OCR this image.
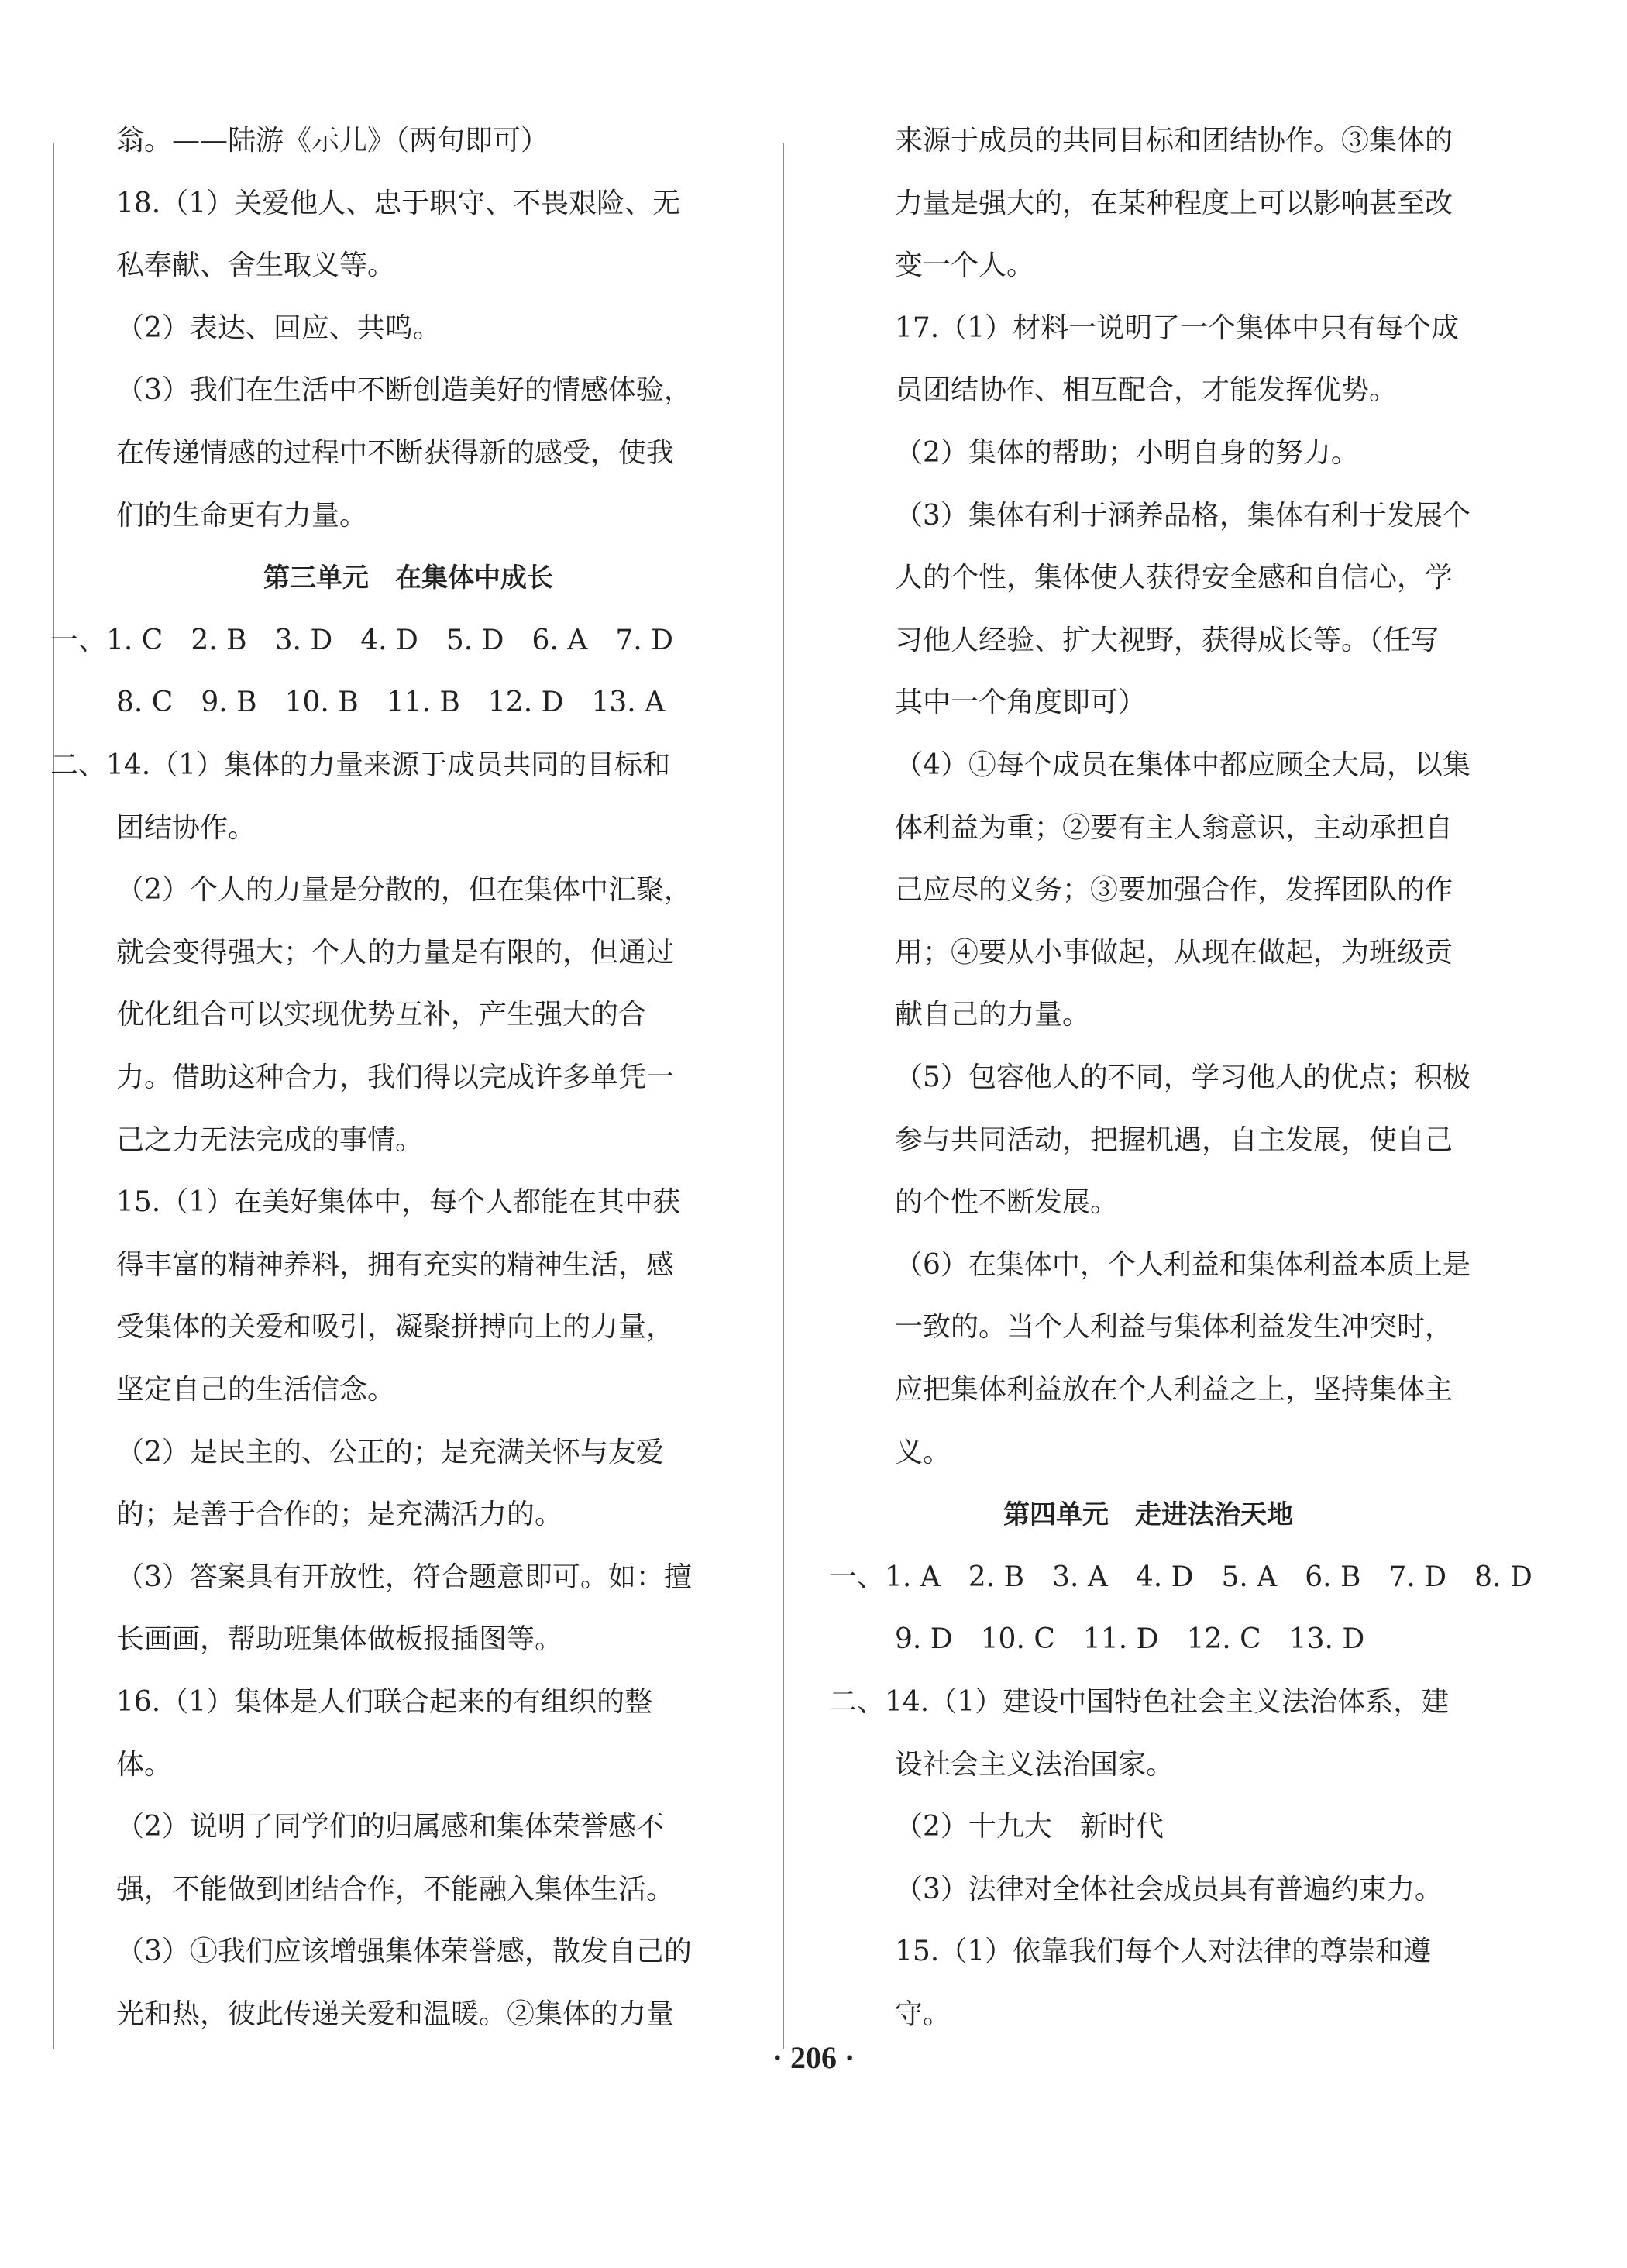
翁。——陆游《示儿》（两句即可）
18.（1）关爱他人、忠于职守、不畏艰险、无
私奉献、舍生取义等。
（2）表达、回应、共鸣。
（3）我们在生活中不断创造美好的情感体验，
在传递情感的过程中不断获得新的感受，使我
们的生命更有力量。
第三单元　在集体中成长
一、1. C　2. B　3. D　4. D　5. D　6. A　7. D
8. C　9. B　10. B　11. B　12. D　13. A
二、14.（1）集体的力量来源于成员共同的目标和
团结协作。
（2）个人的力量是分散的，但在集体中汇聚，
就会变得强大；个人的力量是有限的，但通过
优化组合可以实现优势互补，产生强大的合
力。借助这种合力，我们得以完成许多单凭一
己之力无法完成的事情。
15.（1）在美好集体中，每个人都能在其中获
得丰富的精神养料，拥有充实的精神生活，感
受集体的关爱和吸引，凝聚拼搏向上的力量，
坚定自己的生活信念。
（2）是民主的、公正的；是充满关怀与友爱
的；是善于合作的；是充满活力的。
（3）答案具有开放性，符合题意即可。如：擅
长画画，帮助班集体做板报插图等。
16.（1）集体是人们联合起来的有组织的整
体。
（2）说明了同学们的归属感和集体荣誉感不
强，不能做到团结合作，不能融入集体生活。
（3）①我们应该增强集体荣誉感，散发自己的
光和热，彼此传递关爱和温暖。②集体的力量
来源于成员的共同目标和团结协作。③集体的
力量是强大的，在某种程度上可以影响甚至改
变一个人。
17.（1）材料一说明了一个集体中只有每个成
员团结协作、相互配合，才能发挥优势。
（2）集体的帮助；小明自身的努力。
（3）集体有利于涵养品格，集体有利于发展个
人的个性，集体使人获得安全感和自信心，学
习他人经验、扩大视野，获得成长等。（任写
其中一个角度即可）
（4）①每个成员在集体中都应顾全大局，以集
体利益为重；②要有主人翁意识，主动承担自
己应尽的义务；③要加强合作，发挥团队的作
用；④要从小事做起，从现在做起，为班级贡
献自己的力量。
（5）包容他人的不同，学习他人的优点；积极
参与共同活动，把握机遇，自主发展，使自己
的个性不断发展。
（6）在集体中，个人利益和集体利益本质上是
一致的。当个人利益与集体利益发生冲突时，
应把集体利益放在个人利益之上，坚持集体主
义。
第四单元　走进法治天地
一、1. A　2. B　3. A　4. D　5. A　6. B　7. D　8. D
9. D　10. C　11. D　12. C　13. D
二、14.（1）建设中国特色社会主义法治体系，建
设社会主义法治国家。
（2）十九大　新时代
（3）法律对全体社会成员具有普遍约束力。
15.（1）依靠我们每个人对法律的尊崇和遵
守。
· 206 ·
